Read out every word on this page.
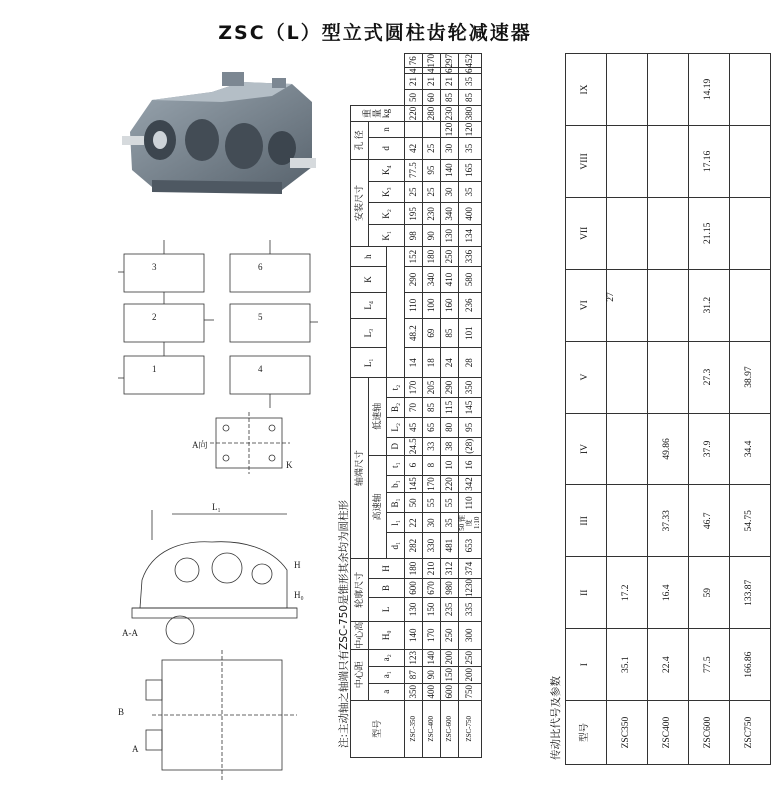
ZSC（L）型立式圆柱齿轮减速器
3
2
1
6
5
4
A向
K
H
H₀
A-A
B
L₁
A
注:主动轴之轴端只有ZSC-750是锥形其余均为圆柱形 型号	中心距			中心高	轮廓尺寸			轴端尺寸									L₁	L₃	L₄	K	h	安装尺寸				孔 径		重 量 kg				
	a	a₁	a₂	H₀	L	B	H	高速轴					低速轴									K₁	K₂	K₃	K₄	d	n					
								d₁	l₁	B₁	b₁	t₁	D	L₂	B₂	t₂															
ZSC-350	350	87	123	140	130	600	180	282	22	50	145	6	24.5	45	70	170	14	48.2	110	290	152	98	195	25	77.5	42		220	50	21	4	76
ZSC-400	400	90	140	170	150	670	210	330	30	55	170	8	33	65	85	205	18	69	100	340	180	90	230	25	95	25		280	60	21	4	170
ZSC-600	600	150	200	250	235	980	312	481	35	55	220	10	38	80	115	290	24	85	160	410	250	130	340	30	140	30	120	230	85	21	6	297
ZSC-750	750	200	250	300	335	1230	374	653	50 锥度 1:10	110	342	16	(28)	95	145	350	28	101	236	580	336	134	400	35	165	35	120	380	85	35	6	452
传动比代号及参数 型号	I	II	III	IV	V	VI	VII	VIII	IX
ZSC350	35.1	17.2							
ZSC400	22.4	16.4	37.33	49.86					
ZSC600	77.5	59	46.7	37.9	27.3	31.2	21.15	17.16	14.19
ZSC750	166.86	133.87	54.75	34.4	38.97				
27
